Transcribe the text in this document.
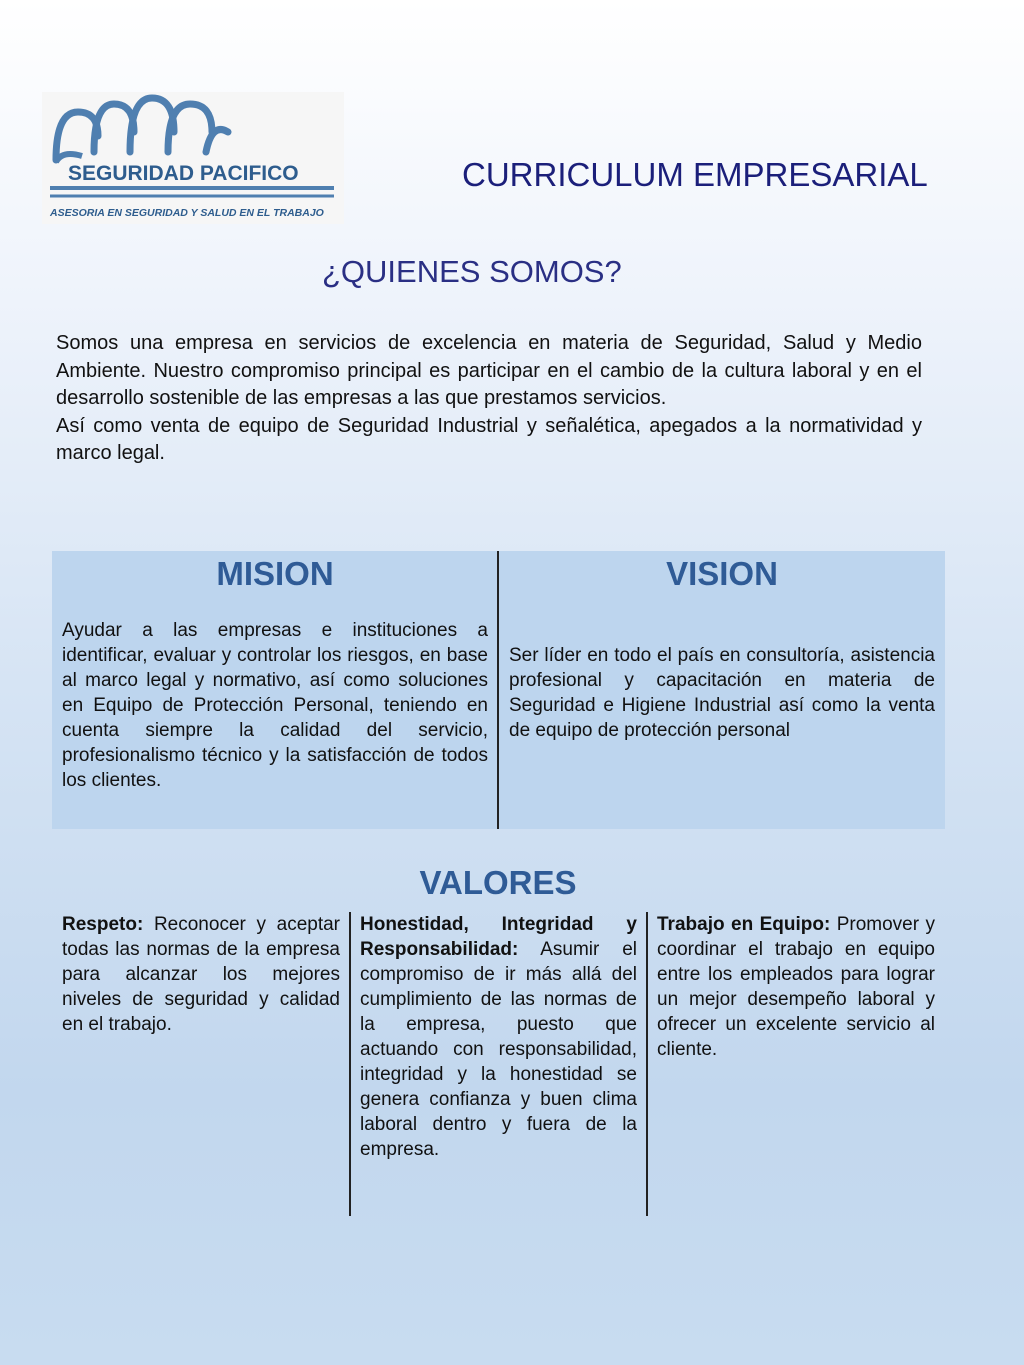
SEGURIDAD PACIFICO
ASESORIA EN SEGURIDAD Y SALUD EN EL TRABAJO
CURRICULUM EMPRESARIAL
¿QUIENES SOMOS?

Somos una empresa en servicios de excelencia en materia de Seguridad, Salud y Medio Ambiente. Nuestro compromiso principal es participar en el cambio de la cultura laboral y en el desarrollo sostenible de las empresas a las que prestamos servicios.

Así como venta de equipo de Seguridad Industrial y señalética, apegados a la normatividad y marco legal.

MISION

Ayudar a las empresas e instituciones a identificar, evaluar y controlar los riesgos, en base al marco legal y normativo, así como soluciones en Equipo de Protección Personal, teniendo en cuenta siempre la calidad del servicio, profesionalismo técnico y la satisfacción de todos los clientes.

VISION

Ser líder en todo el país en consultoría, asistencia profesional y capacitación en materia de Seguridad e Higiene Industrial así como la venta de equipo de protección personal

VALORES

Respeto: Reconocer y aceptar todas las normas de la empresa para alcanzar los mejores niveles de seguridad y calidad en el trabajo.

Honestidad, Integridad y Responsabilidad: Asumir el compromiso de ir más allá del cumplimiento de las normas de la empresa, puesto que actuando con responsabilidad, integridad y la honestidad se genera confianza y buen clima laboral dentro y fuera de la empresa.

Trabajo en Equipo: Promover y coordinar el trabajo en equipo entre los empleados para lograr un mejor desempeño laboral y ofrecer un excelente servicio al cliente.
